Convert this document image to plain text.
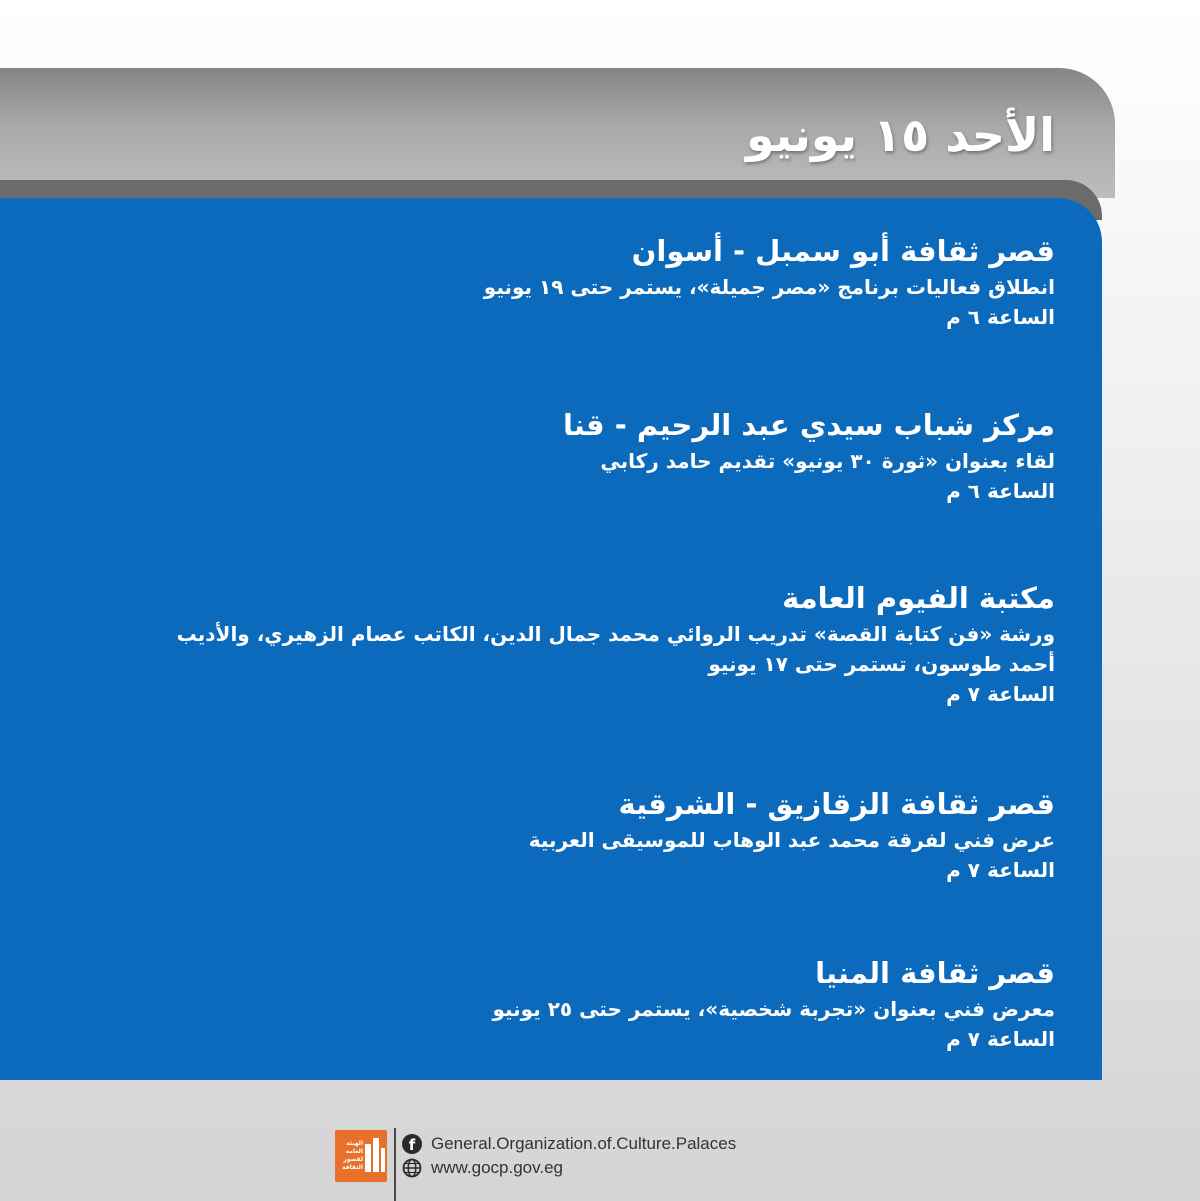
الأحد ١٥ يونيو

قصر ثقافة أبو سمبل - أسوان

انطلاق فعاليات برنامج «مصر جميلة»، يستمر حتى ١٩ يونيو

الساعة ٦ م

مركز شباب سيدي عبد الرحيم - قنا

لقاء بعنوان «ثورة ٣٠ يونيو» تقديم حامد ركابي

الساعة ٦ م

مكتبة الفيوم العامة

ورشة «فن كتابة القصة» تدريب الروائي محمد جمال الدين، الكاتب عصام الزهيري، والأديب أحمد طوسون، تستمر حتى ١٧ يونيو

الساعة ٧ م

قصر ثقافة الزقازيق - الشرقية

عرض فني لفرقة محمد عبد الوهاب للموسيقى العربية

الساعة ٧ م

قصر ثقافة المنيا

معرض فني بعنوان «تجربة شخصية»، يستمر حتى ٢٥ يونيو

الساعة ٧ م

الهيئة العامة لقصور الثقافة
f General.Organization.of.Culture.Palaces
www.gocp.gov.eg
